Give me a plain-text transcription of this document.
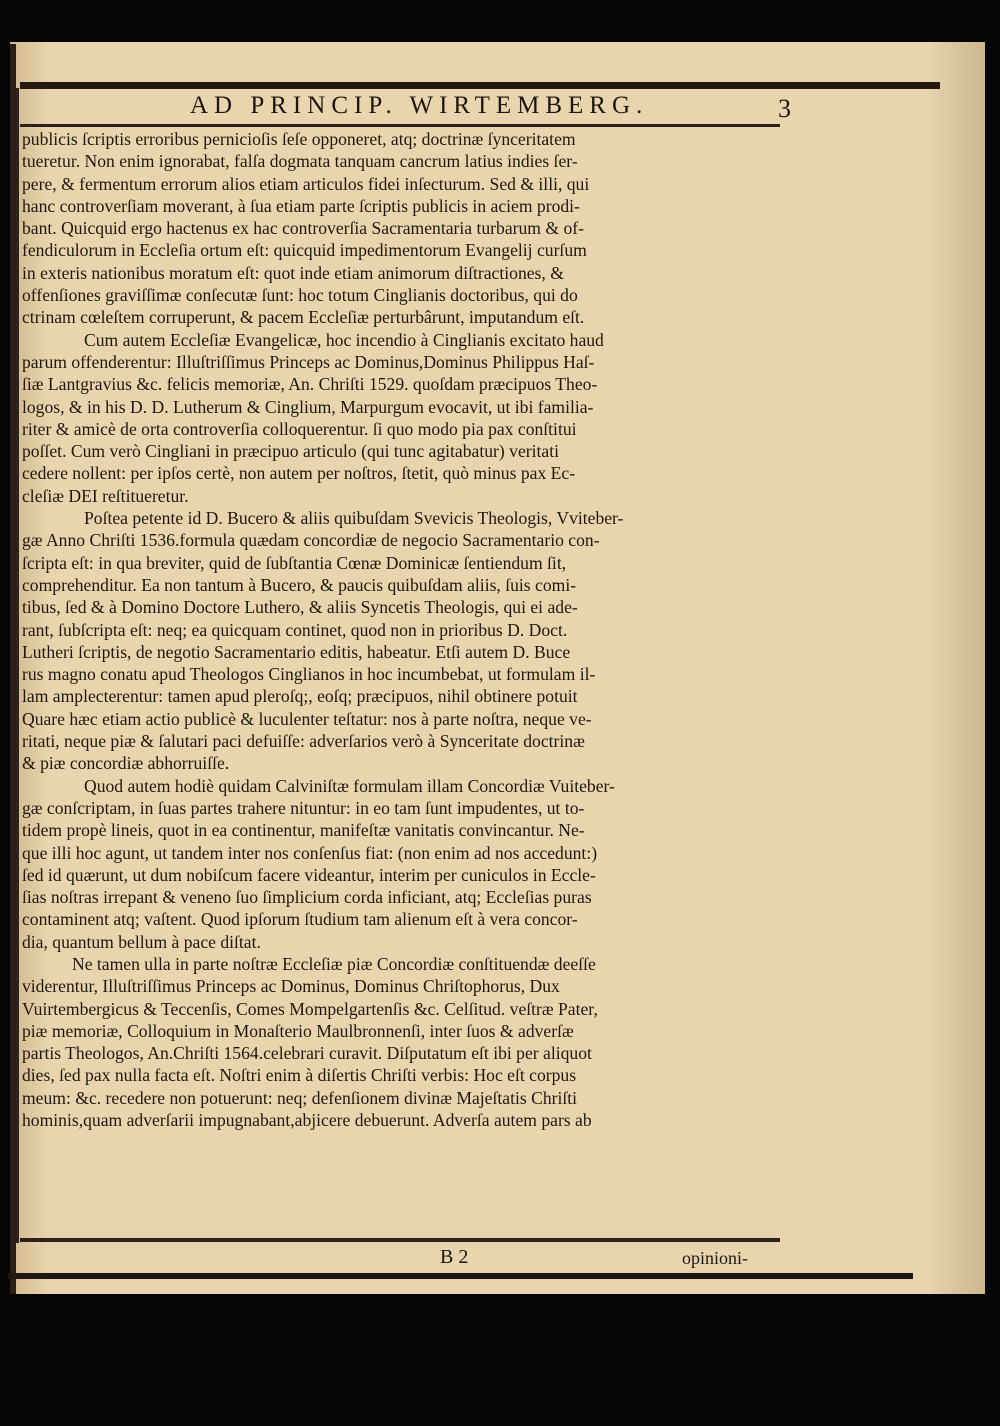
AD PRINCIP. WIRTEMBERG.	3
publicis ſcriptis erroribus pernicioſis ſeſe opponeret, atq; doctrinæ ſynceritatem
tueretur. Non enim ignorabat, falſa dogmata tanquam cancrum latius indies ſer-
pere, & fermentum errorum alios etiam articulos fidei inſecturum. Sed & illi, qui
hanc controverſiam moverant, à ſua etiam parte ſcriptis publicis in aciem prodi-
bant. Quicquid ergo hactenus ex hac controverſia Sacramentaria turbarum & of-
fendiculorum in Eccleſia ortum eſt: quicquid impedimentorum Evangelij curſum
in exteris nationibus moratum eſt: quot inde etiam animorum diſtractiones, &
offenſiones graviſſimæ conſecutæ ſunt: hoc totum Cinglianis doctoribus, qui do
ctrinam cœleſtem corruperunt, & pacem Eccleſiæ perturbârunt, imputandum eſt.
Cum autem Eccleſiæ Evangelicæ, hoc incendio à Cinglianis excitato haud
parum offenderentur: Illuſtriſſimus Princeps ac Dominus,Dominus Philippus Haſ-
ſiæ Lantgravius &c. felicis memoriæ, An. Chriſti 1529. quoſdam præcipuos Theo-
logos, & in his D. D. Lutherum & Cinglium, Marpurgum evocavit, ut ibi familia-
riter & amicè de orta controverſia colloquerentur. ſi quo modo pia pax conſtitui
poſſet. Cum verò Cingliani in præcipuo articulo (qui tunc agitabatur) veritati
cedere nollent: per ipſos certè, non autem per noſtros, ſtetit, quò minus pax Ec-
cleſiæ DEI reſtitueretur.
Poſtea petente id D. Bucero & aliis quibuſdam Svevicis Theologis, Vviteber-
gæ Anno Chriſti 1536.formula quædam concordiæ de negocio Sacramentario con-
ſcripta eſt: in qua breviter, quid de ſubſtantia Cœnæ Dominicæ ſentiendum ſit,
comprehenditur. Ea non tantum à Bucero, & paucis quibuſdam aliis, ſuis comi-
tibus, ſed & à Domino Doctore Luthero, & aliis Syncetis Theologis, qui ei ade-
rant, ſubſcripta eſt: neq; ea quicquam continet, quod non in prioribus D. Doct.
Lutheri ſcriptis, de negotio Sacramentario editis, habeatur. Etſi autem D. Buce
rus magno conatu apud Theologos Cinglianos in hoc incumbebat, ut formulam il-
lam amplecterentur: tamen apud pleroſq;, eoſq; præcipuos, nihil obtinere potuit
Quare hæc etiam actio publicè & luculenter teſtatur: nos à parte noſtra, neque ve-
ritati, neque piæ & ſalutari paci defuiſſe: adverſarios verò à Synceritate doctrinæ
& piæ concordiæ abhorruiſſe.
Quod autem hodiè quidam Calviniſtæ formulam illam Concordiæ Vuiteber-
gæ conſcriptam, in ſuas partes trahere nituntur: in eo tam ſunt impudentes, ut to-
tidem propè lineis, quot in ea continentur, manifeſtæ vanitatis convincantur. Ne-
que illi hoc agunt, ut tandem inter nos conſenſus fiat: (non enim ad nos accedunt:)
ſed id quærunt, ut dum nobiſcum facere videantur, interim per cuniculos in Eccle-
ſias noſtras irrepant & veneno ſuo ſimplicium corda inficiant, atq; Eccleſias puras
contaminent atq; vaſtent. Quod ipſorum ſtudium tam alienum eſt à vera concor-
dia, quantum bellum à pace diſtat.
Ne tamen ulla in parte noſtræ Eccleſiæ piæ Concordiæ conſtituendæ deeſſe
viderentur, Illuſtriſſimus Princeps ac Dominus, Dominus Chriſtophorus, Dux
Vuirtembergicus & Teccenſis, Comes Mompelgartenſis &c. Celſitud. veſtræ Pater,
piæ memoriæ, Colloquium in Monaſterio Maulbronnenſi, inter ſuos & adverſæ
partis Theologos, An.Chriſti 1564.celebrari curavit. Diſputatum eſt ibi per aliquot
dies, ſed pax nulla facta eſt. Noſtri enim à diſertis Chriſti verbis: Hoc eſt corpus
meum: &c. recedere non potuerunt: neq; defenſionem divinæ Majeſtatis Chriſti
hominis,quam adverſarii impugnabant,abjicere debuerunt. Adverſa autem pars ab
B 2	opinioni-
